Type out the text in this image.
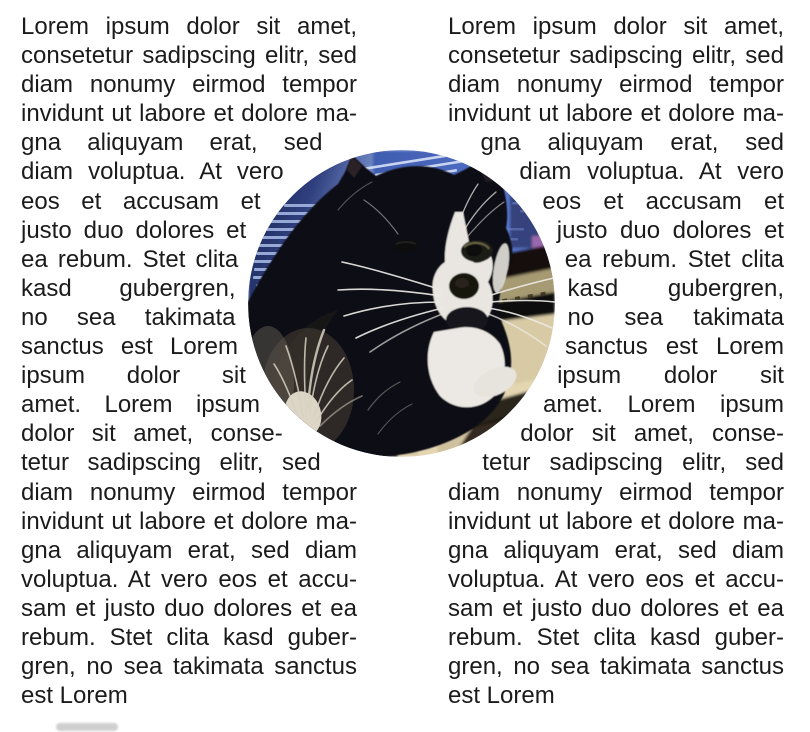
Lorem ipsum dolor sit amet,
consetetur sadipscing elitr, sed
diam nonumy eirmod tempor
invidunt ut labore et dolore ma-
gna aliquyam erat, sed
diam voluptua. At vero
eos et accusam et
justo duo dolores et
ea rebum. Stet clita
kasd gubergren,
no sea takimata
sanctus est Lorem
ipsum dolor sit
amet. Lorem ipsum
dolor sit amet, conse-
tetur sadipscing elitr, sed
diam nonumy eirmod tempor
invidunt ut labore et dolore ma-
gna aliquyam erat, sed diam
voluptua. At vero eos et accu-
sam et justo duo dolores et ea
rebum. Stet clita kasd guber-
gren, no sea takimata sanctus
est Lorem
Lorem ipsum dolor sit amet,
consetetur sadipscing elitr, sed
diam nonumy eirmod tempor
invidunt ut labore et dolore ma-
gna aliquyam erat, sed
diam voluptua. At vero
eos et accusam et
justo duo dolores et
ea rebum. Stet clita
kasd gubergren,
no sea takimata
sanctus est Lorem
ipsum dolor sit
amet. Lorem ipsum
dolor sit amet, conse-
tetur sadipscing elitr, sed
diam nonumy eirmod tempor
invidunt ut labore et dolore ma-
gna aliquyam erat, sed diam
voluptua. At vero eos et accu-
sam et justo duo dolores et ea
rebum. Stet clita kasd guber-
gren, no sea takimata sanctus
est Lorem
